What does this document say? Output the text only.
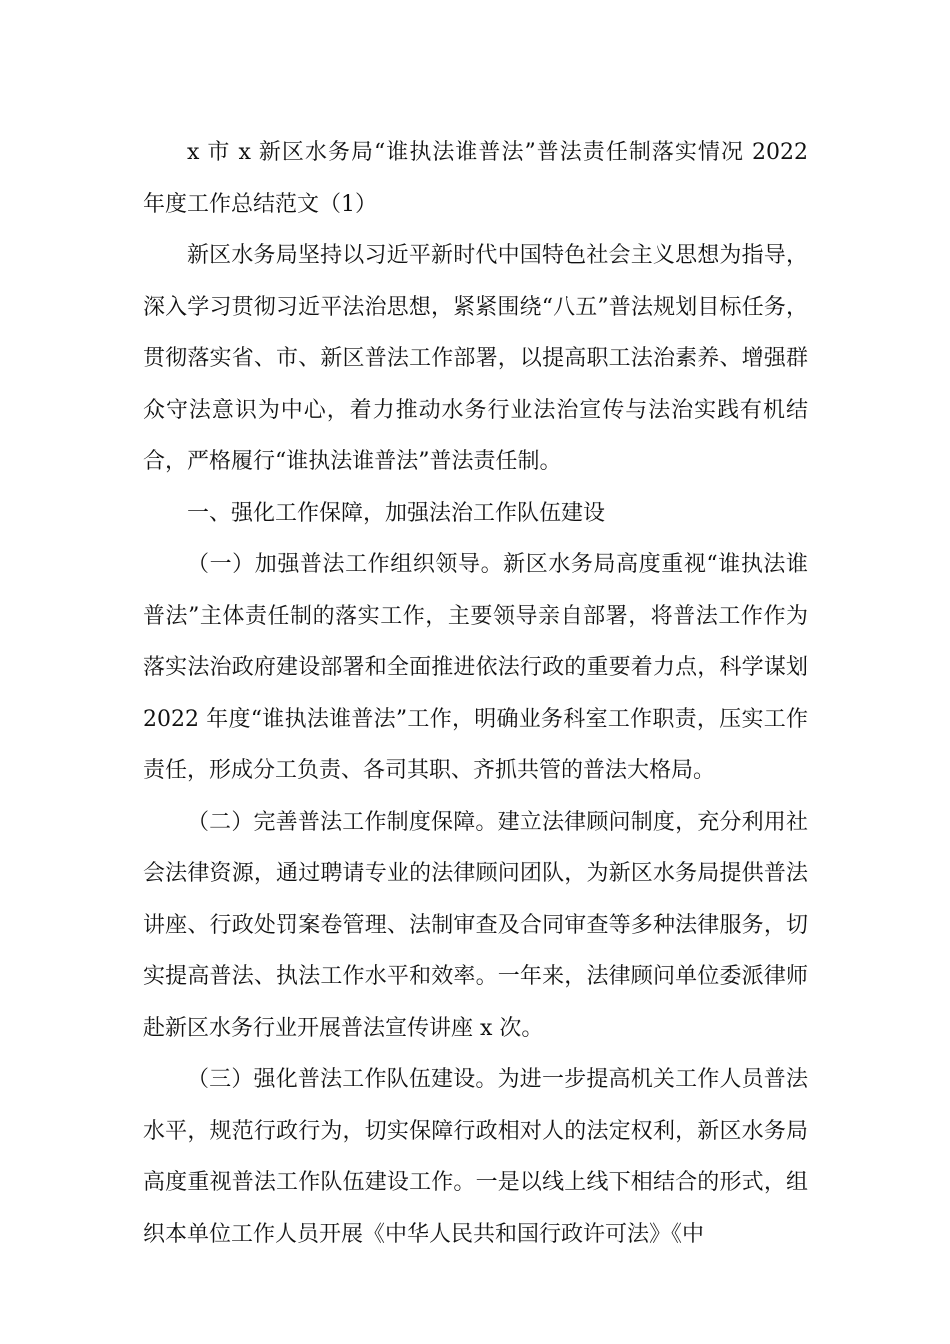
x 市 x 新区水务局“谁执法谁普法”普法责任制落实情况 2022 年度工作总结范文（1）

新区水务局坚持以习近平新时代中国特色社会主义思想为指导，深入学习贯彻习近平法治思想，紧紧围绕“八五”普法规划目标任务，贯彻落实省、市、新区普法工作部署，以提高职工法治素养、增强群众守法意识为中心，着力推动水务行业法治宣传与法治实践有机结合，严格履行“谁执法谁普法”普法责任制。

一、强化工作保障，加强法治工作队伍建设

（一）加强普法工作组织领导。新区水务局高度重视“谁执法谁普法”主体责任制的落实工作，主要领导亲自部署，将普法工作作为落实法治政府建设部署和全面推进依法行政的重要着力点，科学谋划 2022 年度“谁执法谁普法”工作，明确业务科室工作职责，压实工作责任，形成分工负责、各司其职、齐抓共管的普法大格局。

（二）完善普法工作制度保障。建立法律顾问制度，充分利用社会法律资源，通过聘请专业的法律顾问团队，为新区水务局提供普法讲座、行政处罚案卷管理、法制审查及合同审查等多种法律服务，切实提高普法、执法工作水平和效率。一年来，法律顾问单位委派律师赴新区水务行业开展普法宣传讲座 x 次。

（三）强化普法工作队伍建设。为进一步提高机关工作人员普法水平，规范行政行为，切实保障行政相对人的法定权利，新区水务局高度重视普法工作队伍建设工作。一是以线上线下相结合的形式，组织本单位工作人员开展《中华人民共和国行政许可法》《中
